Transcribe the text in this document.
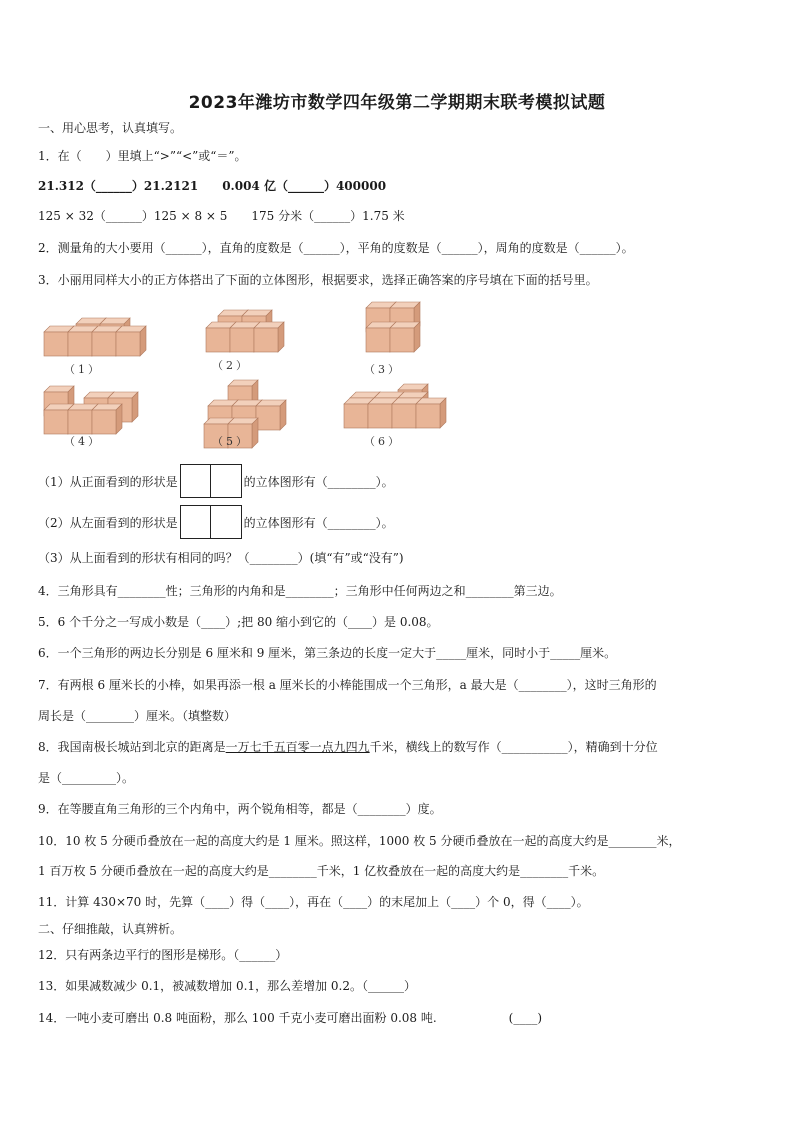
2023年潍坊市数学四年级第二学期期末联考模拟试题
一、用心思考，认真填写。
1．在（　　）里填上“>”“<”或“＝”。
21.312（______）21.2121　　0.004 亿（______）400000
125 × 32（______）125 × 8 × 5　　175 分米（______）1.75 米
2．测量角的大小要用（______），直角的度数是（______），平角的度数是（______），周角的度数是（______）。
3．小丽用同样大小的正方体搭出了下面的立体图形，根据要求，选择正确答案的序号填在下面的括号里。
（1）	（2）	（3）
（4）	（5）	（6）
（1）从正面看到的形状是	的立体图形有（________）。
（2）从左面看到的形状是	的立体图形有（________）。
（3）从上面看到的形状有相同的吗？（________）(填“有”或“没有”)
4．三角形具有________性；三角形的内角和是________；三角形中任何两边之和________第三边。
5．6 个千分之一写成小数是（____）;把 80 缩小到它的（____）是 0.08。
6．一个三角形的两边长分别是 6 厘米和 9 厘米，第三条边的长度一定大于_____厘米，同时小于_____厘米。
7．有两根 6 厘米长的小棒，如果再添一根 a 厘米长的小棒能围成一个三角形，a 最大是（________），这时三角形的
周长是（________）厘米。（填整数）
8．我国南极长城站到北京的距离是一万七千五百零一点九四九千米，横线上的数写作（___________），精确到十分位
是（_________）。
9．在等腰直角三角形的三个内角中，两个锐角相等，都是（________）度。
10．10 枚 5 分硬币叠放在一起的高度大约是 1 厘米。照这样，1000 枚 5 分硬币叠放在一起的高度大约是________米，
1 百万枚 5 分硬币叠放在一起的高度大约是________千米，1 亿枚叠放在一起的高度大约是________千米。
11．计算 430×70 时，先算（____）得（____），再在（____）的末尾加上（____）个 0，得（____）。
二、仔细推敲，认真辨析。
12．只有两条边平行的图形是梯形。（______）
13．如果减数减少 0.1，被减数增加 0.1，那么差增加 0.2。（______）
14．一吨小麦可磨出 0.8 吨面粉，那么 100 千克小麦可磨出面粉 0.08 吨.　　　　　　(____)
